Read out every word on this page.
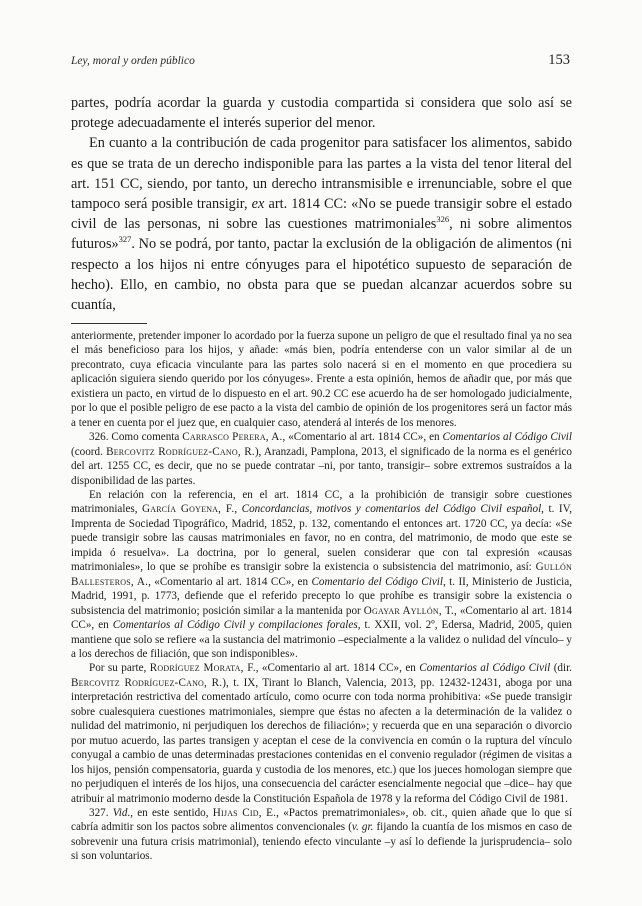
Ley, moral y orden público	153

partes, podría acordar la guarda y custodia compartida si considera que solo así se protege adecuadamente el interés superior del menor.

En cuanto a la contribución de cada progenitor para satisfacer los alimentos, sabido es que se trata de un derecho indisponible para las partes a la vista del tenor literal del art. 151 CC, siendo, por tanto, un derecho intransmisible e irrenunciable, sobre el que tampoco será posible transigir, ex art. 1814 CC: «No se puede transigir sobre el estado civil de las personas, ni sobre las cuestiones matrimoniales$^{326}$, ni sobre alimentos futuros»$^{327}$. No se podrá, por tanto, pactar la exclusión de la obligación de alimentos (ni respecto a los hijos ni entre cónyuges para el hipotético supuesto de separación de hecho). Ello, en cambio, no obsta para que se puedan alcanzar acuerdos sobre su cuantía,

anteriormente, pretender imponer lo acordado por la fuerza supone un peligro de que el resultado final ya no sea el más beneficioso para los hijos, y añade: «más bien, podría entenderse con un valor similar al de un precontrato, cuya eficacia vinculante para las partes solo nacerá si en el momento en que procediera su aplicación siguiera siendo querido por los cónyuges». Frente a esta opinión, hemos de añadir que, por más que existiera un pacto, en virtud de lo dispuesto en el art. 90.2 CC ese acuerdo ha de ser homologado judicialmente, por lo que el posible peligro de ese pacto a la vista del cambio de opinión de los progenitores será un factor más a tener en cuenta por el juez que, en cualquier caso, atenderá al interés de los menores.

326. Como comenta Carrasco Perera, A., «Comentario al art. 1814 CC», en Comentarios al Código Civil (coord. Bercovitz Rodríguez-Cano, R.), Aranzadi, Pamplona, 2013, el significado de la norma es el genérico del art. 1255 CC, es decir, que no se puede contratar –ni, por tanto, transigir– sobre extremos sustraídos a la disponibilidad de las partes.

En relación con la referencia, en el art. 1814 CC, a la prohibición de transigir sobre cuestiones matrimoniales, García Goyena, F., Concordancias, motivos y comentarios del Código Civil español, t. IV, Imprenta de Sociedad Tipográfico, Madrid, 1852, p. 132, comentando el entonces art. 1720 CC, ya decía: «Se puede transigir sobre las causas matrimoniales en favor, no en contra, del matrimonio, de modo que este se impida ó resuelva». La doctrina, por lo general, suelen considerar que con tal expresión «causas matrimoniales», lo que se prohíbe es transigir sobre la existencia o subsistencia del matrimonio, así: Gullón Ballesteros, A., «Comentario al art. 1814 CC», en Comentario del Código Civil, t. II, Ministerio de Justicia, Madrid, 1991, p. 1773, defiende que el referido precepto lo que prohíbe es transigir sobre la existencia o subsistencia del matrimonio; posición similar a la mantenida por Ogayar Ayllón, T., «Comentario al art. 1814 CC», en Comentarios al Código Civil y compilaciones forales, t. XXII, vol. 2º, Edersa, Madrid, 2005, quien mantiene que solo se refiere «a la sustancia del matrimonio –especialmente a la validez o nulidad del vínculo– y a los derechos de filiación, que son indisponibles».

Por su parte, Rodríguez Morata, F., «Comentario al art. 1814 CC», en Comentarios al Código Civil (dir. Bercovitz Rodríguez-Cano, R.), t. IX, Tirant lo Blanch, Valencia, 2013, pp. 12432-12431, aboga por una interpretación restrictiva del comentado artículo, como ocurre con toda norma prohibitiva: «Se puede transigir sobre cualesquiera cuestiones matrimoniales, siempre que éstas no afecten a la determinación de la validez o nulidad del matrimonio, ni perjudiquen los derechos de filiación»; y recuerda que en una separación o divorcio por mutuo acuerdo, las partes transigen y aceptan el cese de la convivencia en común o la ruptura del vínculo conyugal a cambio de unas determinadas prestaciones contenidas en el convenio regulador (régimen de visitas a los hijos, pensión compensatoria, guarda y custodia de los menores, etc.) que los jueces homologan siempre que no perjudiquen el interés de los hijos, una consecuencia del carácter esencialmente negocial que –dice– hay que atribuir al matrimonio moderno desde la Constitución Española de 1978 y la reforma del Código Civil de 1981.

327. Vid., en este sentido, Hijas Cid, E., «Pactos prematrimoniales», ob. cit., quien añade que lo que sí cabría admitir son los pactos sobre alimentos convencionales (v. gr. fijando la cuantía de los mismos en caso de sobrevenir una futura crisis matrimonial), teniendo efecto vinculante –y así lo defiende la jurisprudencia– solo si son voluntarios.
